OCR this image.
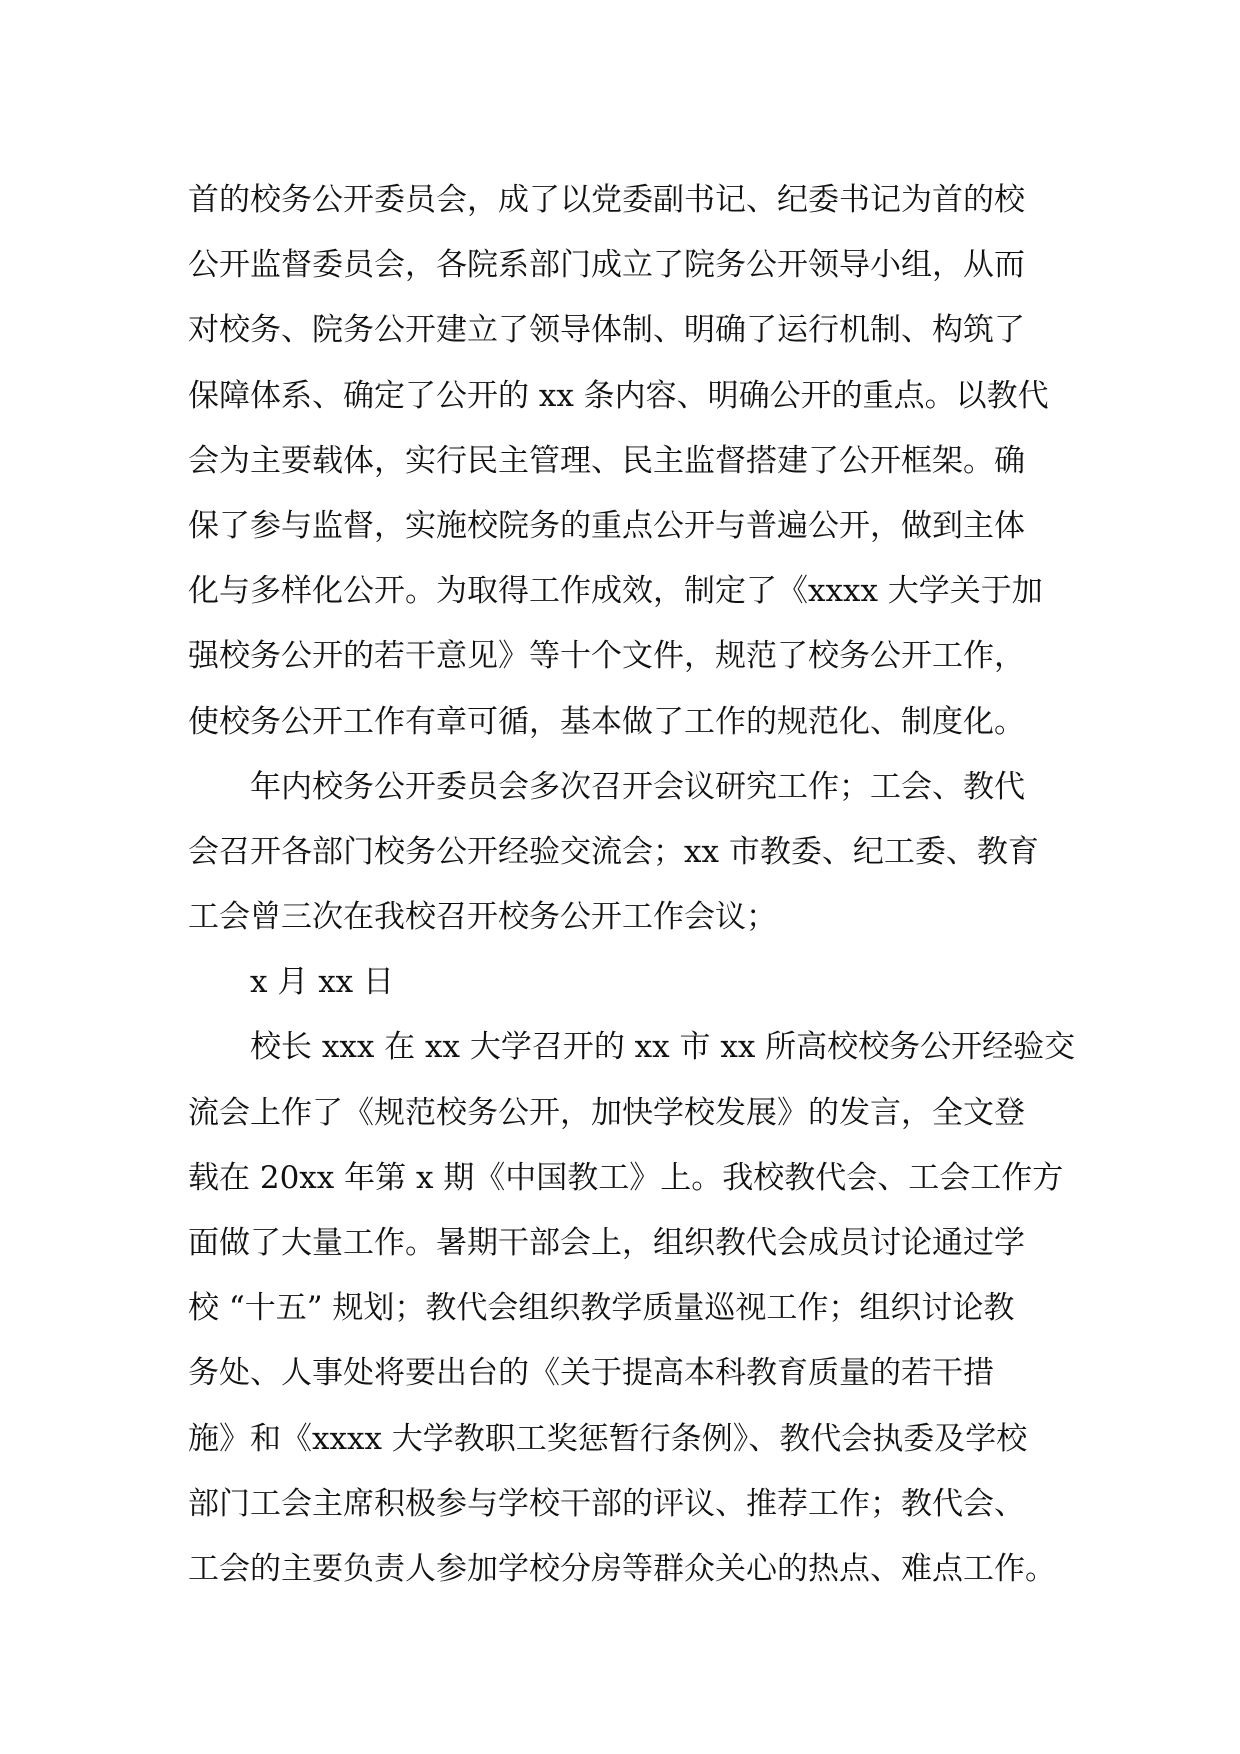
首的校务公开委员会，成了以党委副书记、纪委书记为首的校
公开监督委员会，各院系部门成立了院务公开领导小组，从而
对校务、院务公开建立了领导体制、明确了运行机制、构筑了
保障体系、确定了公开的 xx 条内容、明确公开的重点。以教代
会为主要载体，实行民主管理、民主监督搭建了公开框架。确
保了参与监督，实施校院务的重点公开与普遍公开，做到主体
化与多样化公开。为取得工作成效，制定了《xxxx 大学关于加
强校务公开的若干意见》等十个文件，规范了校务公开工作，
使校务公开工作有章可循，基本做了工作的规范化、制度化。
年内校务公开委员会多次召开会议研究工作；工会、教代
会召开各部门校务公开经验交流会；xx 市教委、纪工委、教育
工会曾三次在我校召开校务公开工作会议；
x 月 xx 日
校长 xxx 在 xx 大学召开的 xx 市 xx 所高校校务公开经验交
流会上作了《规范校务公开，加快学校发展》的发言，全文登
载在 20xx 年第 x 期《中国教工》上。我校教代会、工会工作方
面做了大量工作。暑期干部会上，组织教代会成员讨论通过学
校 “十五” 规划；教代会组织教学质量巡视工作；组织讨论教
务处、人事处将要出台的《关于提高本科教育质量的若干措
施》和《xxxx 大学教职工奖惩暂行条例》、教代会执委及学校
部门工会主席积极参与学校干部的评议、推荐工作；教代会、
工会的主要负责人参加学校分房等群众关心的热点、难点工作。
